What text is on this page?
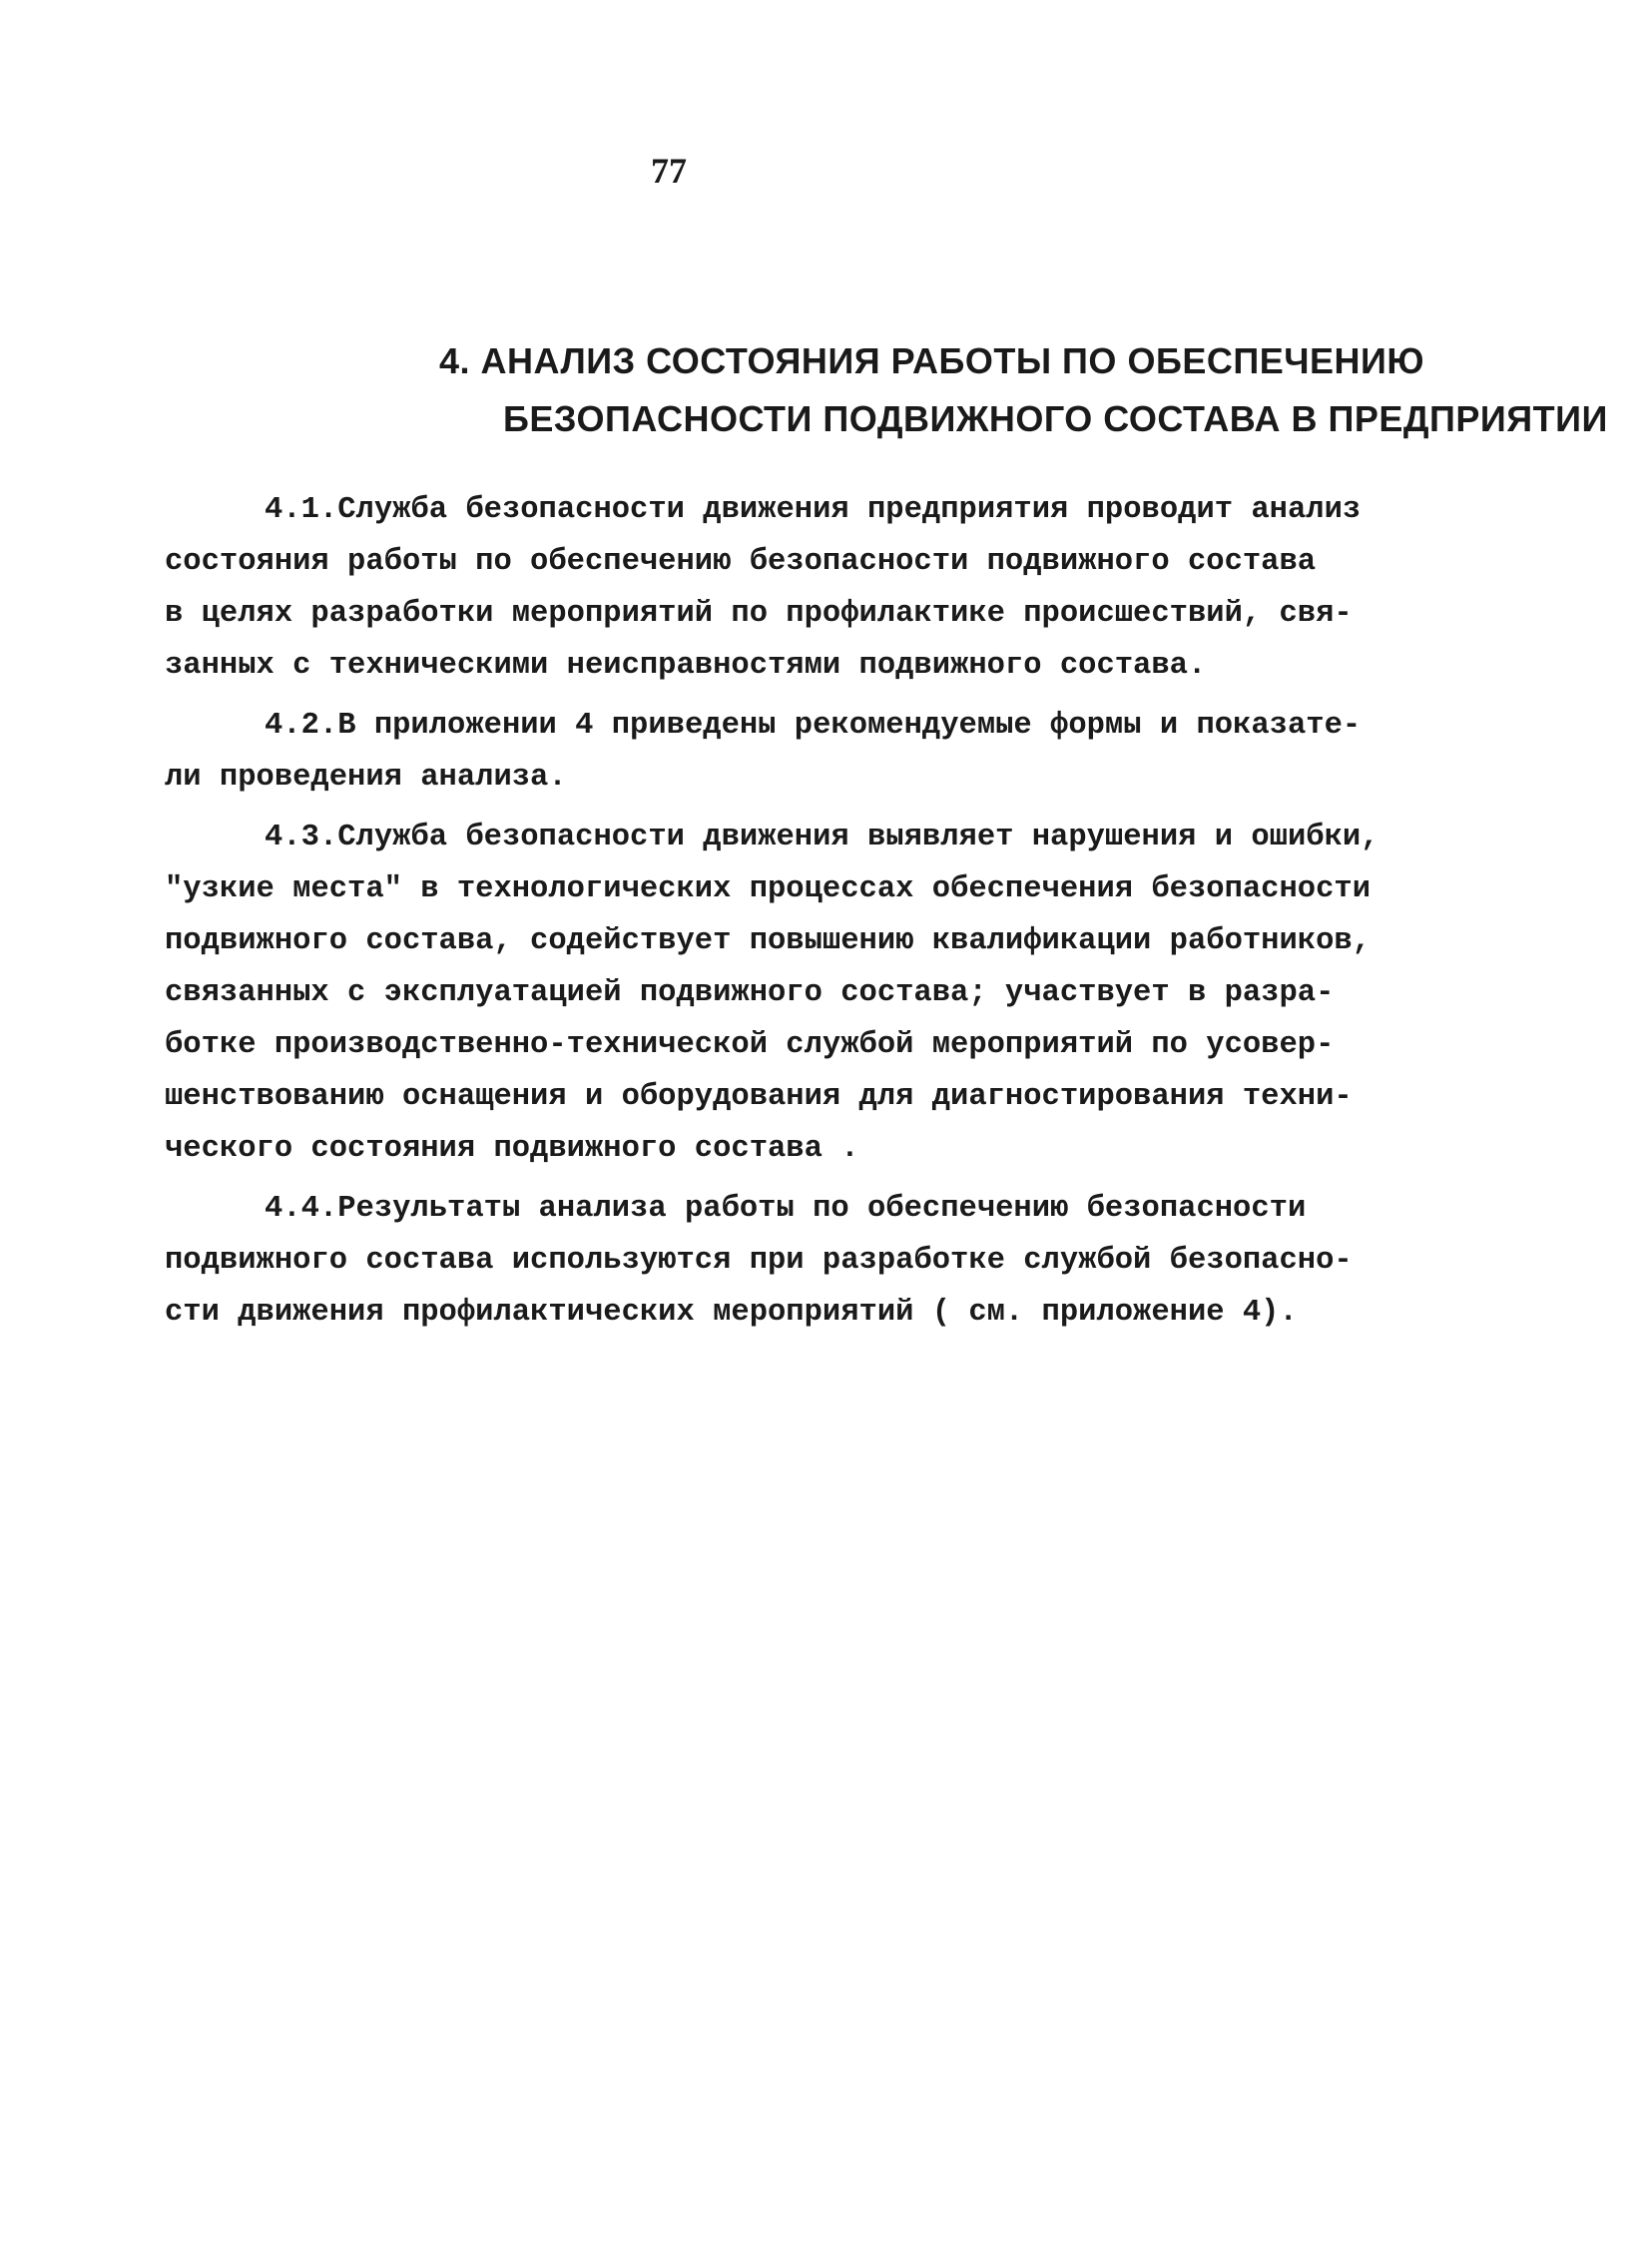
77
4. АНАЛИЗ СОСТОЯНИЯ РАБОТЫ ПО ОБЕСПЕЧЕНИЮ
БЕЗОПАСНОСТИ ПОДВИЖНОГО СОСТАВА В ПРЕДПРИЯТИИ

4.1.Служба безопасности движения предприятия проводит анализ
состояния работы по обеспечению безопасности подвижного состава
в целях разработки мероприятий по профилактике происшествий, свя-
занных с техническими неисправностями подвижного состава.

4.2.В приложении 4 приведены рекомендуемые формы и показате-
ли проведения анализа.

4.3.Служба безопасности движения выявляет нарушения и ошибки,
"узкие места" в технологических процессах обеспечения безопасности
подвижного состава, содействует повышению квалификации работников,
связанных с эксплуатацией подвижного состава; участвует в разра-
ботке производственно-технической службой мероприятий по усовер-
шенствованию оснащения и оборудования для диагностирования техни-
ческого состояния подвижного состава .

4.4.Результаты анализа работы по обеспечению безопасности
подвижного состава используются при разработке службой безопасно-
сти движения профилактических мероприятий ( см. приложение 4).
